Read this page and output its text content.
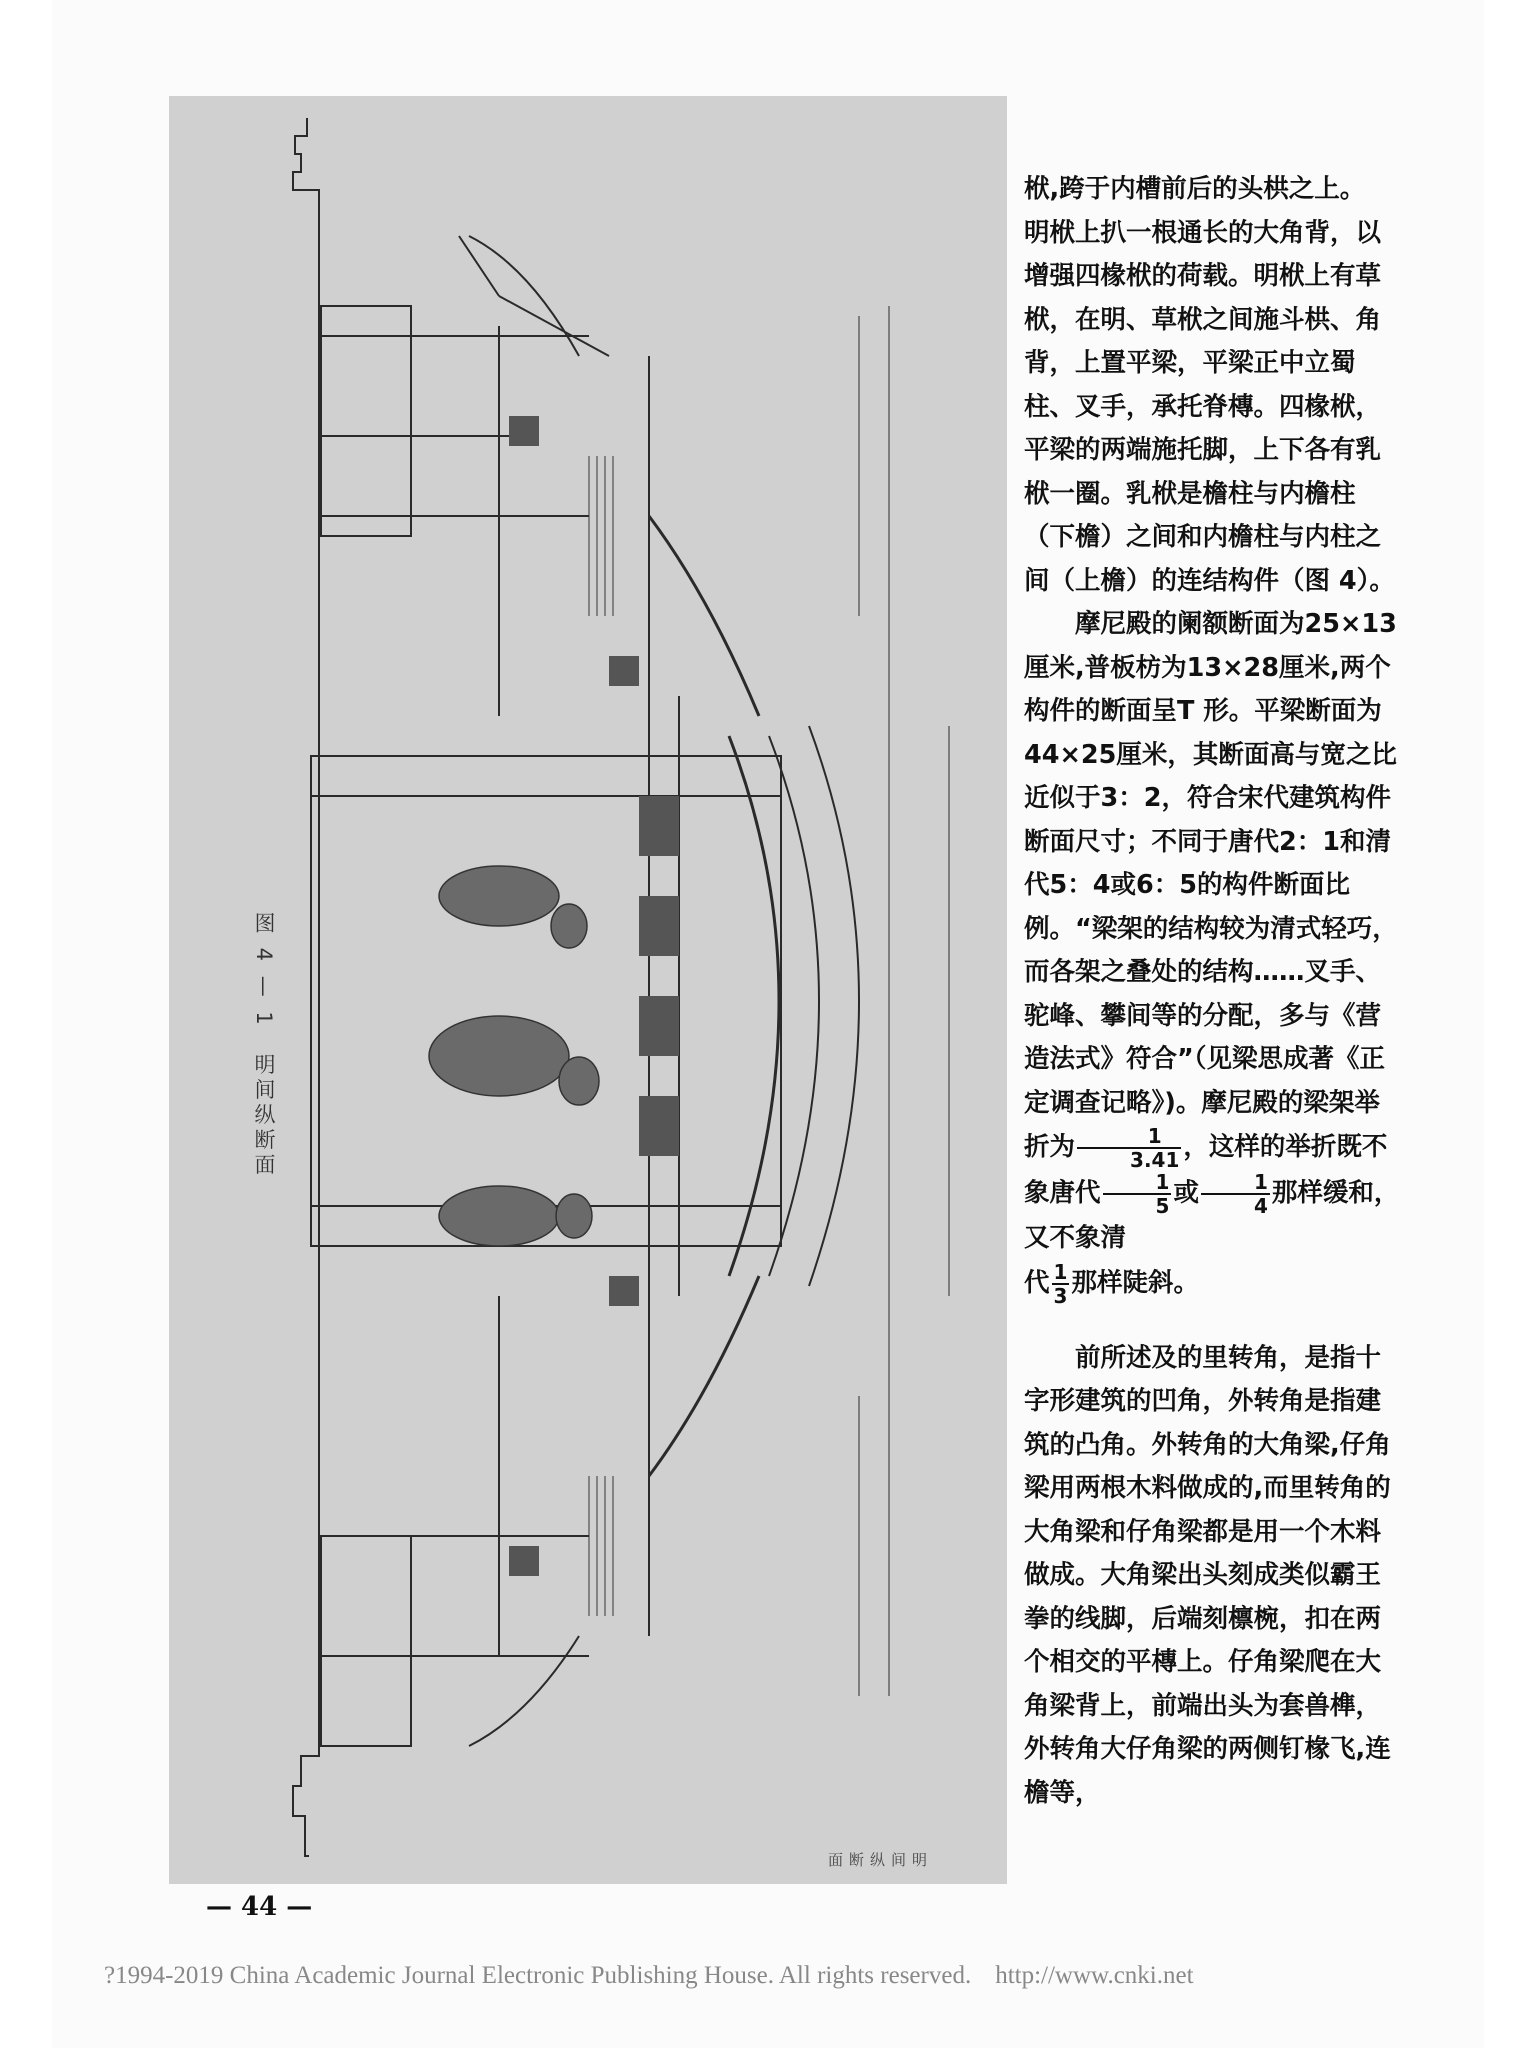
图 4 — 1　明间纵断面
明 间 纵 断 面

栿,跨于内槽前后的头栱之上。

明栿上扒一根通长的大角背，以增强四椽栿的荷载。明栿上有草栿，在明、草栿之间施斗栱、角背，上置平梁，平梁正中立蜀柱、叉手，承托脊槫。四椽栿，平梁的两端施托脚，上下各有乳栿一圈。乳栿是檐柱与内檐柱（下檐）之间和内檐柱与内柱之间（上檐）的连结构件（图 4）。

摩尼殿的阑额断面为25×13厘米,普板枋为13×28厘米,两个构件的断面呈T 形。平梁断面为44×25厘米，其断面高与宽之比近似于3：2，符合宋代建筑构件断面尺寸；不同于唐代2：1和清代5：4或6：5的构件断面比例。“梁架的结构较为清式轻巧，而各架之叠处的结构……叉手、驼峰、攀间等的分配，多与《营造法式》符合”（见梁思成著《正定调查记略》)。摩尼殿的梁架举折为 $\frac{1}{3.41}$ ，这样的举折既不象唐代 $\frac{1}{5}$ 或 $\frac{1}{4}$ 那样缓和，又不象清

代 $\frac{1}{3}$ 那样陡斜。

前所述及的里转角，是指十字形建筑的凹角，外转角是指建筑的凸角。外转角的大角梁,仔角梁用两根木料做成的,而里转角的大角梁和仔角梁都是用一个木料做成。大角梁出头刻成类似霸王拳的线脚，后端刻檩椀，扣在两个相交的平槫上。仔角梁爬在大角梁背上，前端出头为套兽榫，外转角大仔角梁的两侧钉椽飞,连檐等，

— 44 —
?1994-2019 China Academic Journal Electronic Publishing House. All rights reserved. http://www.cnki.net
